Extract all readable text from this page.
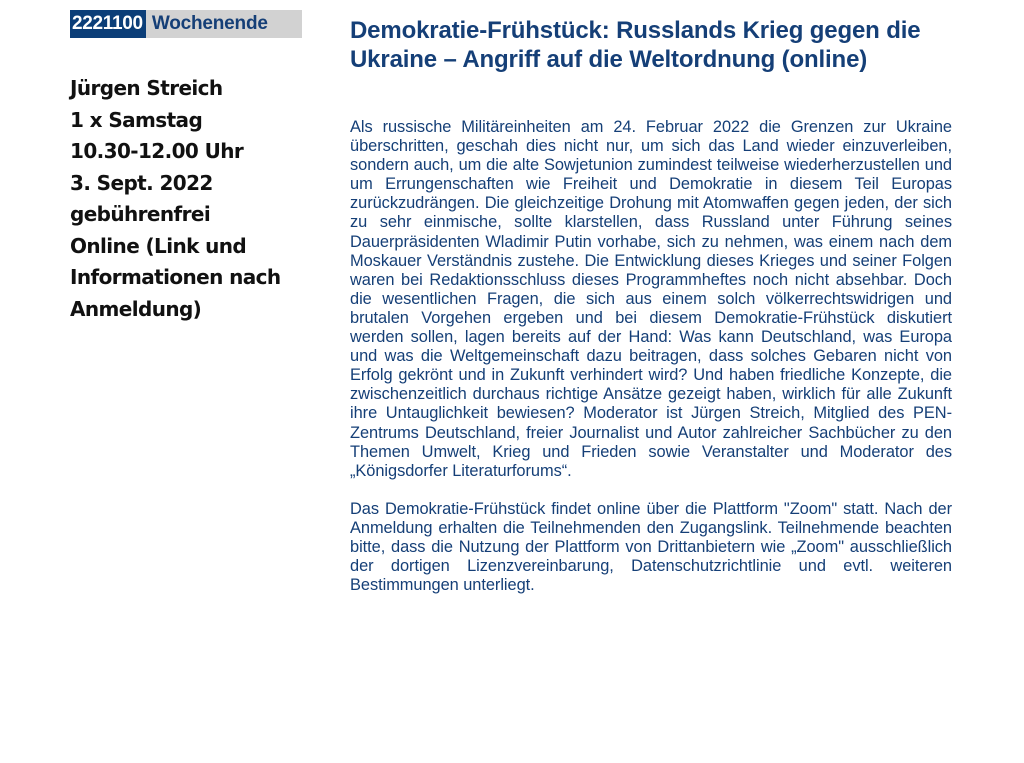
2221100 Wochenende
Jürgen Streich
1 x Samstag
10.30-12.00 Uhr
3. Sept. 2022
gebührenfrei
Online (Link und
Informationen nach
Anmeldung)
Demokratie-Frühstück: Russlands Krieg gegen die Ukraine – Angriff auf die Weltordnung (online)

Als russische Militäreinheiten am 24. Februar 2022 die Grenzen zur Ukraine überschritten, geschah dies nicht nur, um sich das Land wieder einzuverleiben, sondern auch, um die alte Sowjetunion zumindest teilweise wiederherzustellen und um Errungenschaften wie Freiheit und Demokratie in diesem Teil Europas zurückzudrängen. Die gleichzeitige Drohung mit Atomwaffen gegen jeden, der sich zu sehr einmische, sollte klarstellen, dass Russland unter Führung seines Dauerpräsidenten Wladimir Putin vorhabe, sich zu nehmen, was einem nach dem Moskauer Verständnis zustehe. Die Entwicklung dieses Krieges und seiner Folgen waren bei Redaktionsschluss dieses Programmheftes noch nicht absehbar. Doch die wesentlichen Fragen, die sich aus einem solch völkerrechtswidrigen und brutalen Vorgehen ergeben und bei diesem Demokratie-Frühstück diskutiert werden sollen, lagen bereits auf der Hand: Was kann Deutschland, was Europa und was die Weltgemeinschaft dazu beitragen, dass solches Gebaren nicht von Erfolg gekrönt und in Zukunft verhindert wird? Und haben friedliche Konzepte, die zwischenzeitlich durchaus richtige Ansätze gezeigt haben, wirklich für alle Zukunft ihre Untauglichkeit bewiesen? Moderator ist Jürgen Streich, Mitglied des PEN-Zentrums Deutschland, freier Journalist und Autor zahlreicher Sachbücher zu den Themen Umwelt, Krieg und Frieden sowie Veranstalter und Moderator des „Königsdorfer Literaturforums“.

Das Demokratie-Frühstück findet online über die Plattform "Zoom" statt. Nach der Anmeldung erhalten die Teilnehmenden den Zugangslink. Teilnehmende beachten bitte, dass die Nutzung der Plattform von Drittanbietern wie „Zoom" ausschließlich der dortigen Lizenzvereinbarung, Datenschutzrichtlinie und evtl. weiteren Bestimmungen unterliegt.
